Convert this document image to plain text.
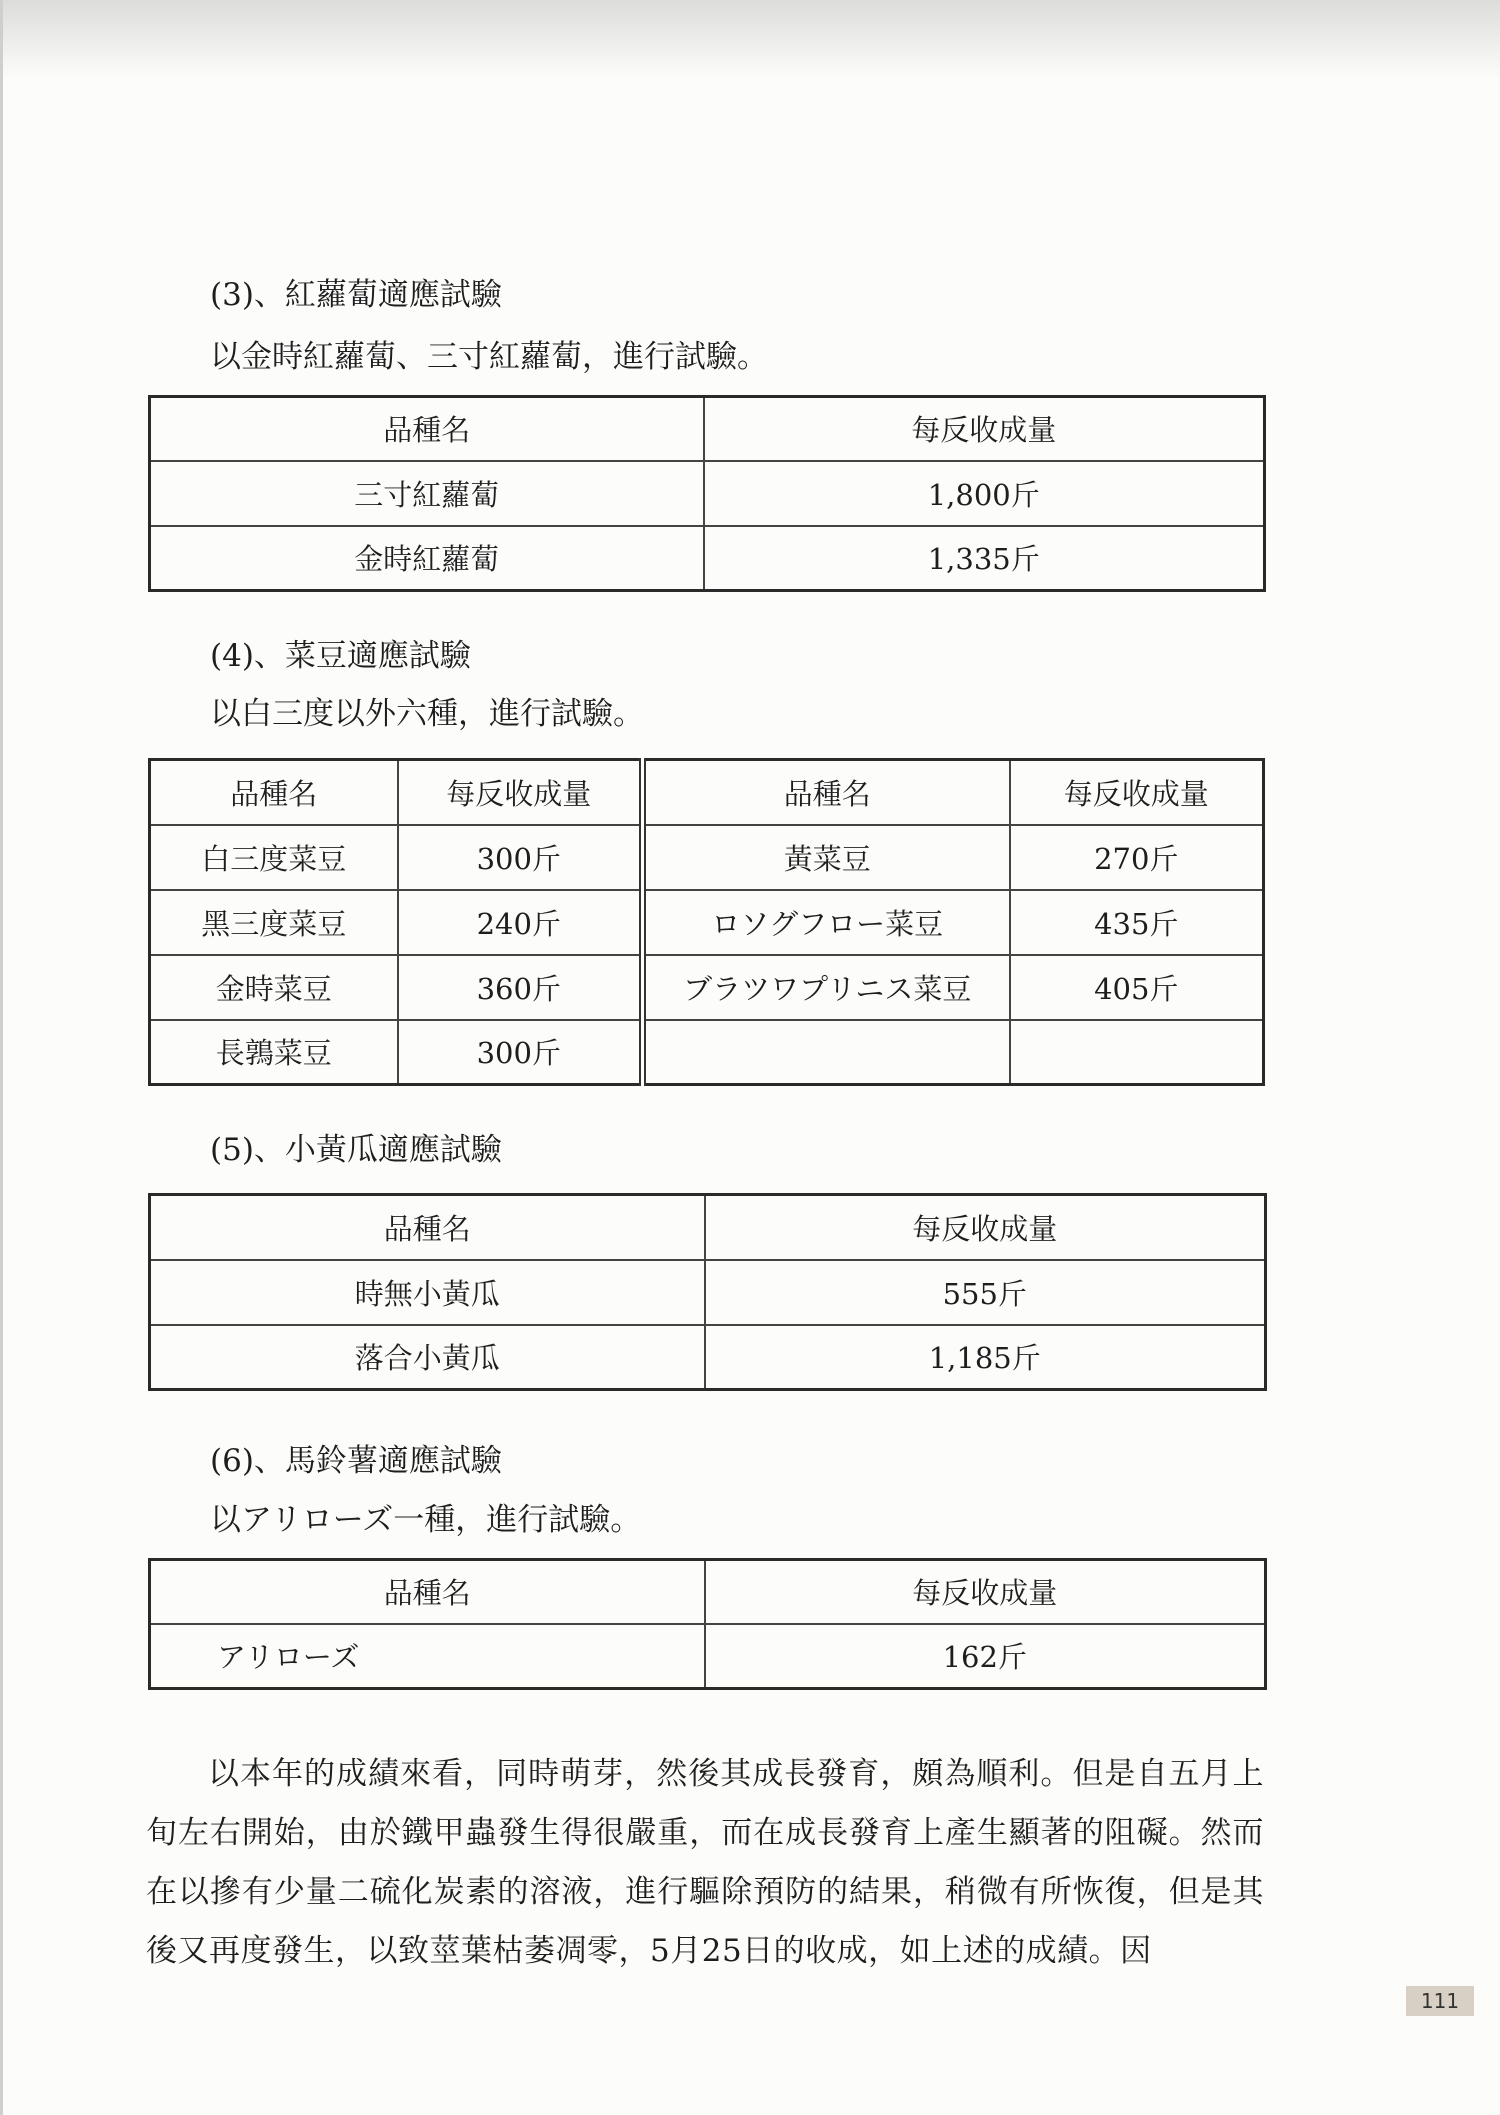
(3)、紅蘿蔔適應試驗
以金時紅蘿蔔、三寸紅蘿蔔，進行試驗。
品種名	每反收成量
三寸紅蘿蔔	1,800斤
金時紅蘿蔔	1,335斤
(4)、菜豆適應試驗
以白三度以外六種，進行試驗。
品種名	每反收成量	品種名	每反收成量
白三度菜豆	300斤	黃菜豆	270斤
黑三度菜豆	240斤	ロソグフロー菜豆	435斤
金時菜豆	360斤	ブラツワプリニス菜豆	405斤
長鶉菜豆	300斤		
(5)、小黃瓜適應試驗
品種名	每反收成量
時無小黃瓜	555斤
落合小黃瓜	1,185斤
(6)、馬鈴薯適應試驗
以アリローズ一種，進行試驗。
品種名	每反收成量
アリローズ	162斤
以本年的成績來看，同時萌芽，然後其成長發育，頗為順利。但是自五月上旬左右開始，由於鐵甲蟲發生得很嚴重，而在成長發育上產生顯著的阻礙。然而在以摻有少量二硫化炭素的溶液，進行驅除預防的結果，稍微有所恢復，但是其後又再度發生，以致莖葉枯萎凋零，5月25日的收成，如上述的成績。因
111
